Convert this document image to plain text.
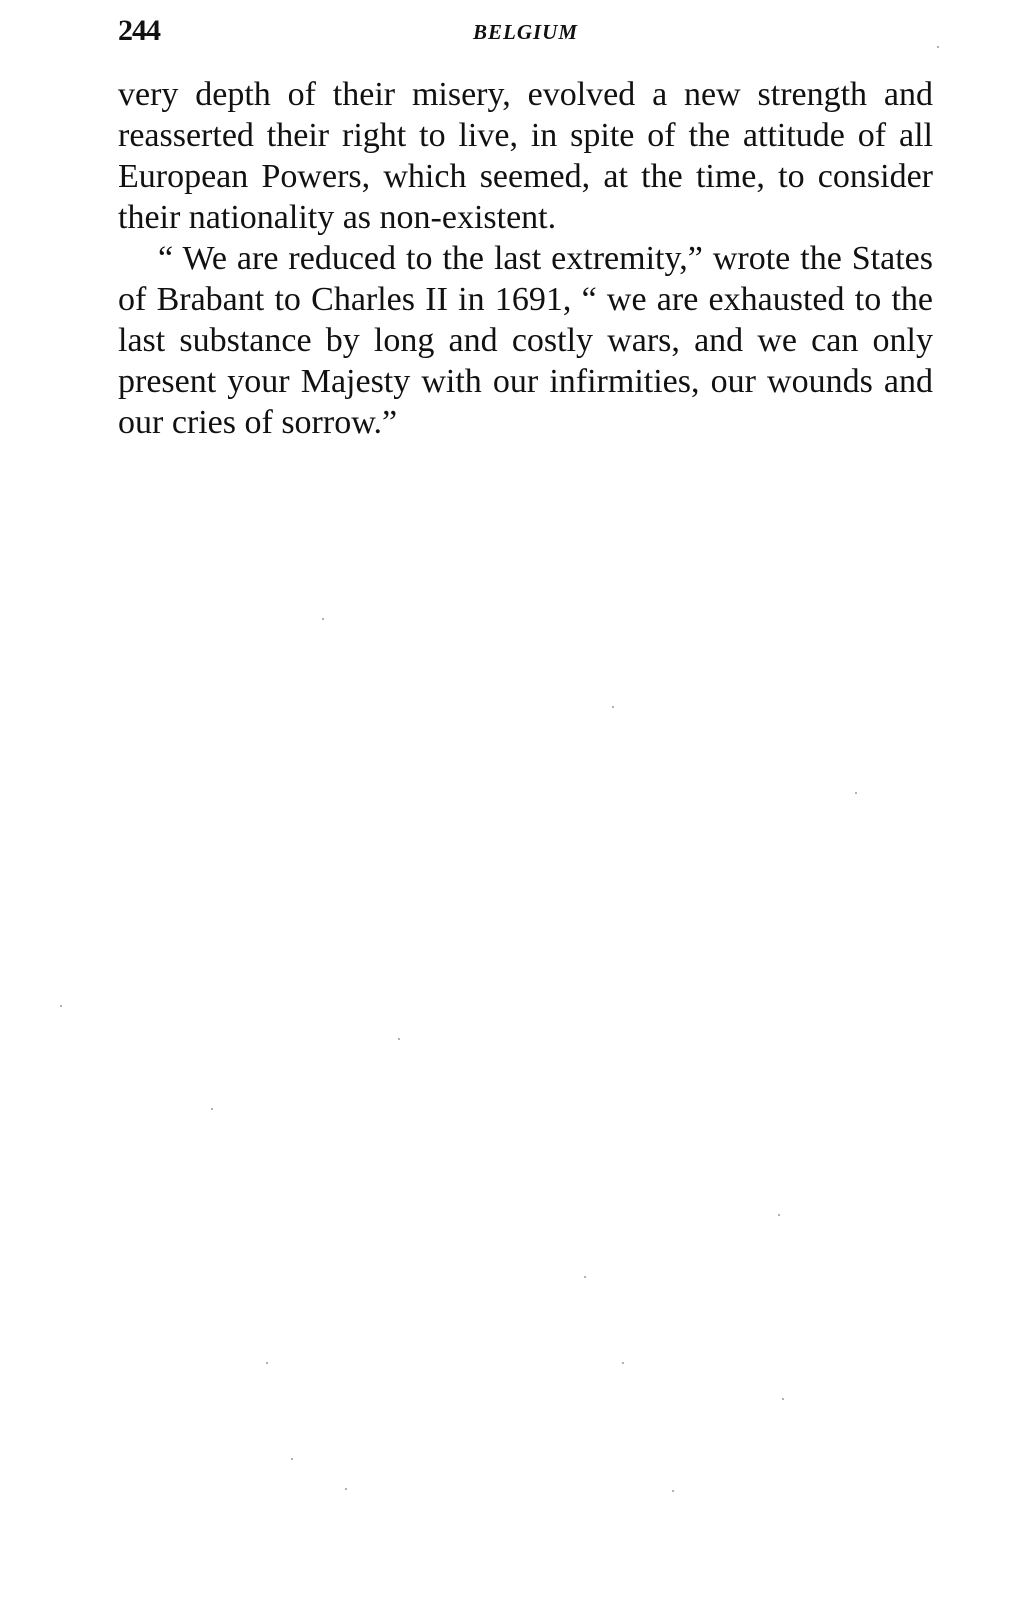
244	BELGIUM

very depth of their misery, evolved a new strength and reasserted their right to live, in spite of the attitude of all European Powers, which seemed, at the time, to consider their nationality as non-existent.

“ We are reduced to the last extremity,” wrote the States of Brabant to Charles II in 1691, “ we are exhausted to the last substance by long and costly wars, and we can only present your Majesty with our infirmities, our wounds and our cries of sorrow.”
